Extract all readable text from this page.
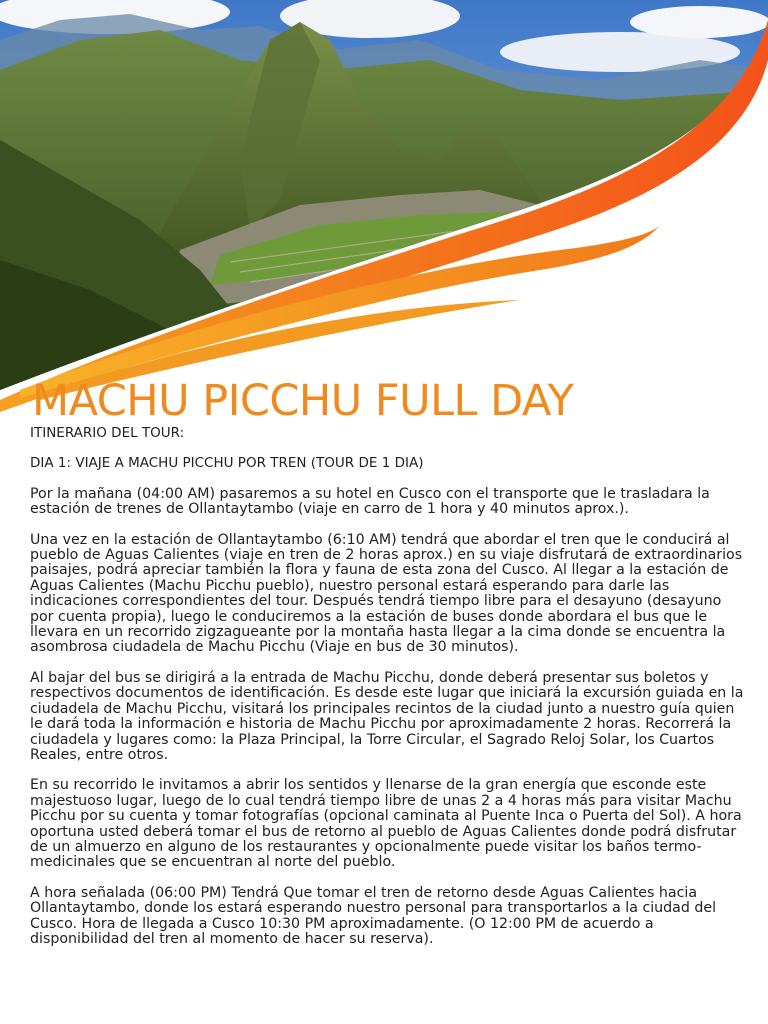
MACHU PICCHU FULL DAY

ITINERARIO DEL TOUR:

DIA 1: VIAJE A MACHU PICCHU POR TREN (TOUR DE 1 DIA)

Por la mañana (04:00 AM) pasaremos a su hotel en Cusco con el transporte que le trasladara la estación de trenes de Ollantaytambo (viaje en carro de 1 hora y 40 minutos aprox.).

Una vez en la estación de Ollantaytambo (6:10 AM) tendrá que abordar el tren que le conducirá al pueblo de Aguas Calientes (viaje en tren de 2 horas aprox.) en su viaje disfrutará de extraordinarios paisajes, podrá apreciar también la flora y fauna de esta zona del Cusco. Al llegar a la estación de Aguas Calientes (Machu Picchu pueblo), nuestro personal estará esperando para darle las indicaciones correspondientes del tour. Después tendrá tiempo libre para el desayuno (desayuno por cuenta propia), luego le conduciremos a la estación de buses donde abordara el bus que le llevara en un recorrido zigzagueante por la montaña hasta llegar a la cima donde se encuentra la asombrosa ciudadela de Machu Picchu (Viaje en bus de 30 minutos).

Al bajar del bus se dirigirá a la entrada de Machu Picchu, donde deberá presentar sus boletos y respectivos documentos de identificación. Es desde este lugar que iniciará la excursión guiada en la ciudadela de Machu Picchu, visitará los principales recintos de la ciudad junto a nuestro guía quien le dará toda la información e historia de Machu Picchu por aproximadamente 2 horas. Recorrerá la ciudadela y lugares como: la Plaza Principal, la Torre Circular, el Sagrado Reloj Solar, los Cuartos Reales, entre otros.

En su recorrido le invitamos a abrir los sentidos y llenarse de la gran energía que esconde este majestuoso lugar, luego de lo cual tendrá tiempo libre de unas 2 a 4 horas más para visitar Machu Picchu por su cuenta y tomar fotografías (opcional caminata al Puente Inca o Puerta del Sol). A hora oportuna usted deberá tomar el bus de retorno al pueblo de Aguas Calientes donde podrá disfrutar de un almuerzo en alguno de los restaurantes y opcionalmente puede visitar los baños termo-medicinales que se encuentran al norte del pueblo.

A hora señalada (06:00 PM) Tendrá Que tomar el tren de retorno desde Aguas Calientes hacia Ollantaytambo, donde los estará esperando nuestro personal para transportarlos a la ciudad del Cusco. Hora de llegada a Cusco 10:30 PM aproximadamente. (O 12:00 PM de acuerdo a disponibilidad del tren al momento de hacer su reserva).
